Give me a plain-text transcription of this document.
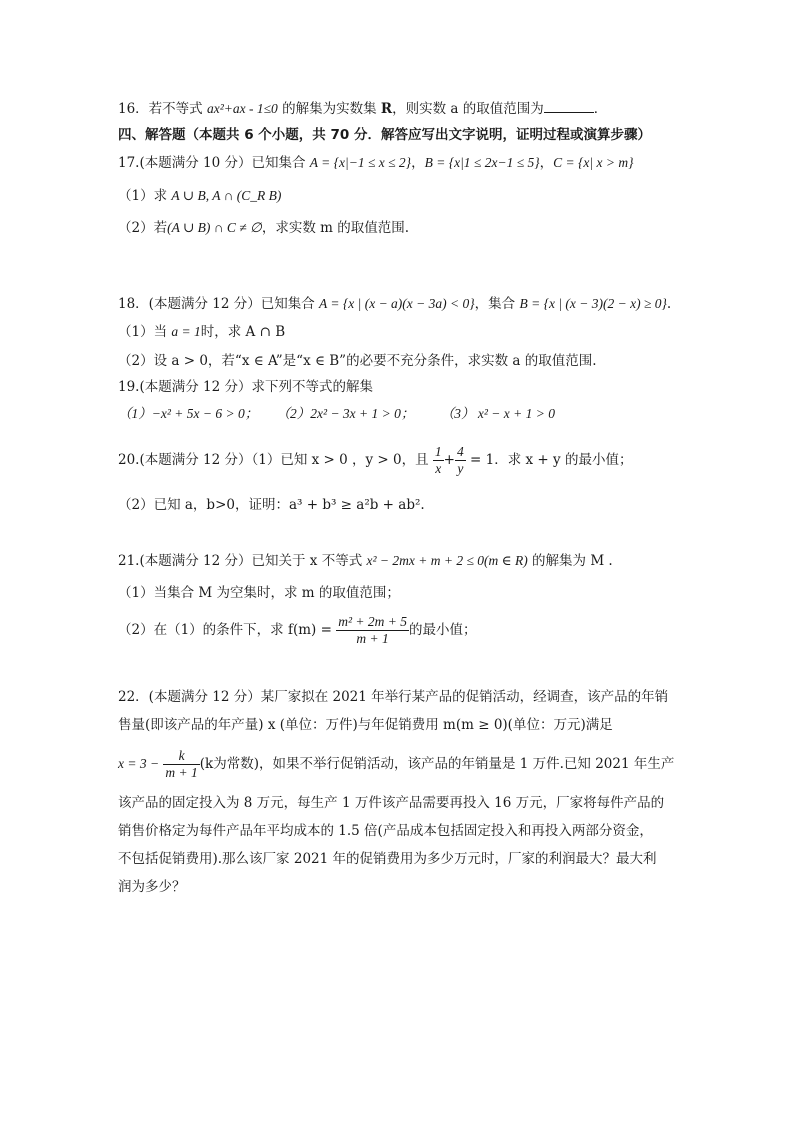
16．若不等式 ax²+ax - 1≤0 的解集为实数集 R，则实数 a 的取值范围为	．
四、解答题（本题共 6 个小题，共 70 分．解答应写出文字说明，证明过程或演算步骤）
17.(本题满分 10 分）已知集合 A = {x|−1 ≤ x ≤ 2}，B = {x|1 ≤ 2x−1 ≤ 5}，C = {x| x > m}
（1）求 A ∪ B, A ∩ (C_R B)
（2）若(A ∪ B) ∩ C ≠ ∅，求实数 m 的取值范围.
18．(本题满分 12 分）已知集合 A = {x | (x − a)(x − 3a) < 0}，集合 B = {x | (x − 3)(2 − x) ≥ 0}.
（1）当 a = 1时，求 A ∩ B
（2）设 a > 0，若“x ∈ A”是“x ∈ B”的必要不充分条件，求实数 a 的取值范围.
19.(本题满分 12 分）求下列不等式的解集
（1）−x² + 5x − 6 > 0； （2）2x² − 3x + 1 > 0； （3） x² − x + 1 > 0
20.(本题满分 12 分）（1）已知 x > 0 ，y > 0，且 $\frac{1}{x} + \frac{4}{y} = 1$．求 x + y 的最小值；
（2）已知 a，b>0，证明：a³ + b³ ≥ a²b + ab².
21.(本题满分 12 分）已知关于 x 不等式 x² − 2mx + m + 2 ≤ 0(m ∈ R) 的解集为 M .
（1）当集合 M 为空集时，求 m 的取值范围；
（2）在（1）的条件下，求 $f(m) = \frac{\text{m² + 2m + 5}}{m + 1}$ 的最小值；
22．(本题满分 12 分）某厂家拟在 2021 年举行某产品的促销活动，经调查，该产品的年销
售量(即该产品的年产量) x (单位：万件)与年促销费用 m(m ≥ 0)(单位：万元)满足
$x = 3 - \frac{k}{m + 1} (k$为常数)，如果不举行促销活动，该产品的年销量是 1 万件.已知 2021 年生产
该产品的固定投入为 8 万元，每生产 1 万件该产品需要再投入 16 万元，厂家将每件产品的
销售价格定为每件产品年平均成本的 1.5 倍(产品成本包括固定投入和再投入两部分资金，
不包括促销费用).那么该厂家 2021 年的促销费用为多少万元时，厂家的利润最大？最大利
润为多少？
